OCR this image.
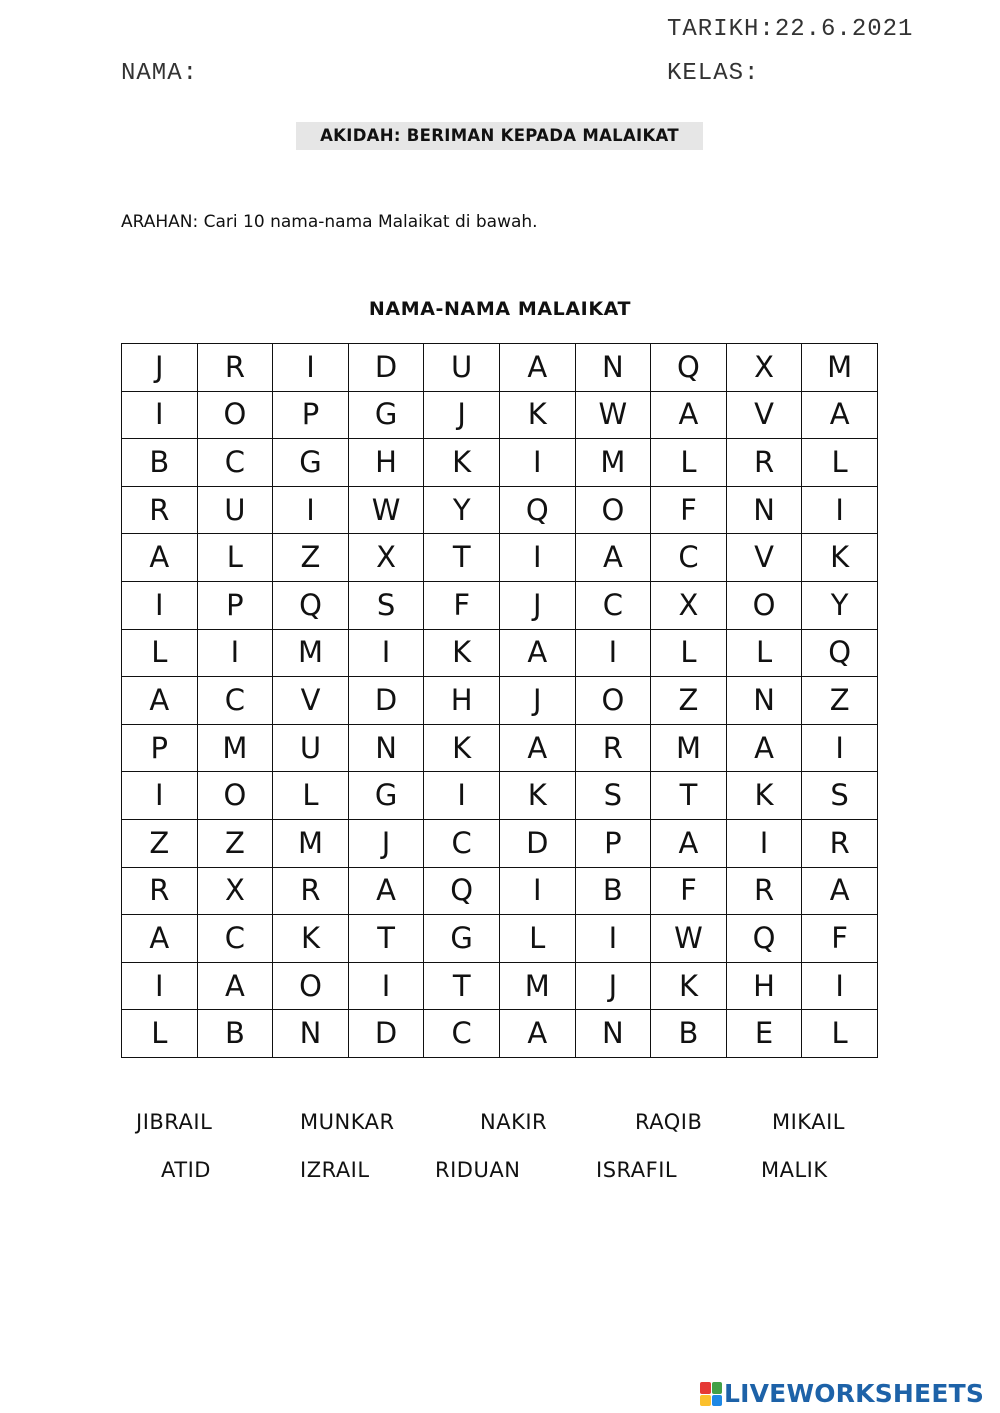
TARIKH:22.6.2021
NAMA:	KELAS:
AKIDAH: BERIMAN KEPADA MALAIKAT
ARAHAN: Cari 10 nama-nama Malaikat di bawah.
NAMA-NAMA MALAIKAT
J	R	I	D	U	A	N	Q	X	M
I	O	P	G	J	K	W	A	V	A
B	C	G	H	K	I	M	L	R	L
R	U	I	W	Y	Q	O	F	N	I
A	L	Z	X	T	I	A	C	V	K
I	P	Q	S	F	J	C	X	O	Y
L	I	M	I	K	A	I	L	L	Q
A	C	V	D	H	J	O	Z	N	Z
P	M	U	N	K	A	R	M	A	I
I	O	L	G	I	K	S	T	K	S
Z	Z	M	J	C	D	P	A	I	R
R	X	R	A	Q	I	B	F	R	A
A	C	K	T	G	L	I	W	Q	F
I	A	O	I	T	M	J	K	H	I
L	B	N	D	C	A	N	B	E	L
JIBRAIL	MUNKAR	NAKIR	RAQIB	MIKAIL
ATID	IZRAIL	RIDUAN	ISRAFIL	MALIK
LIVEWORKSHEETS
